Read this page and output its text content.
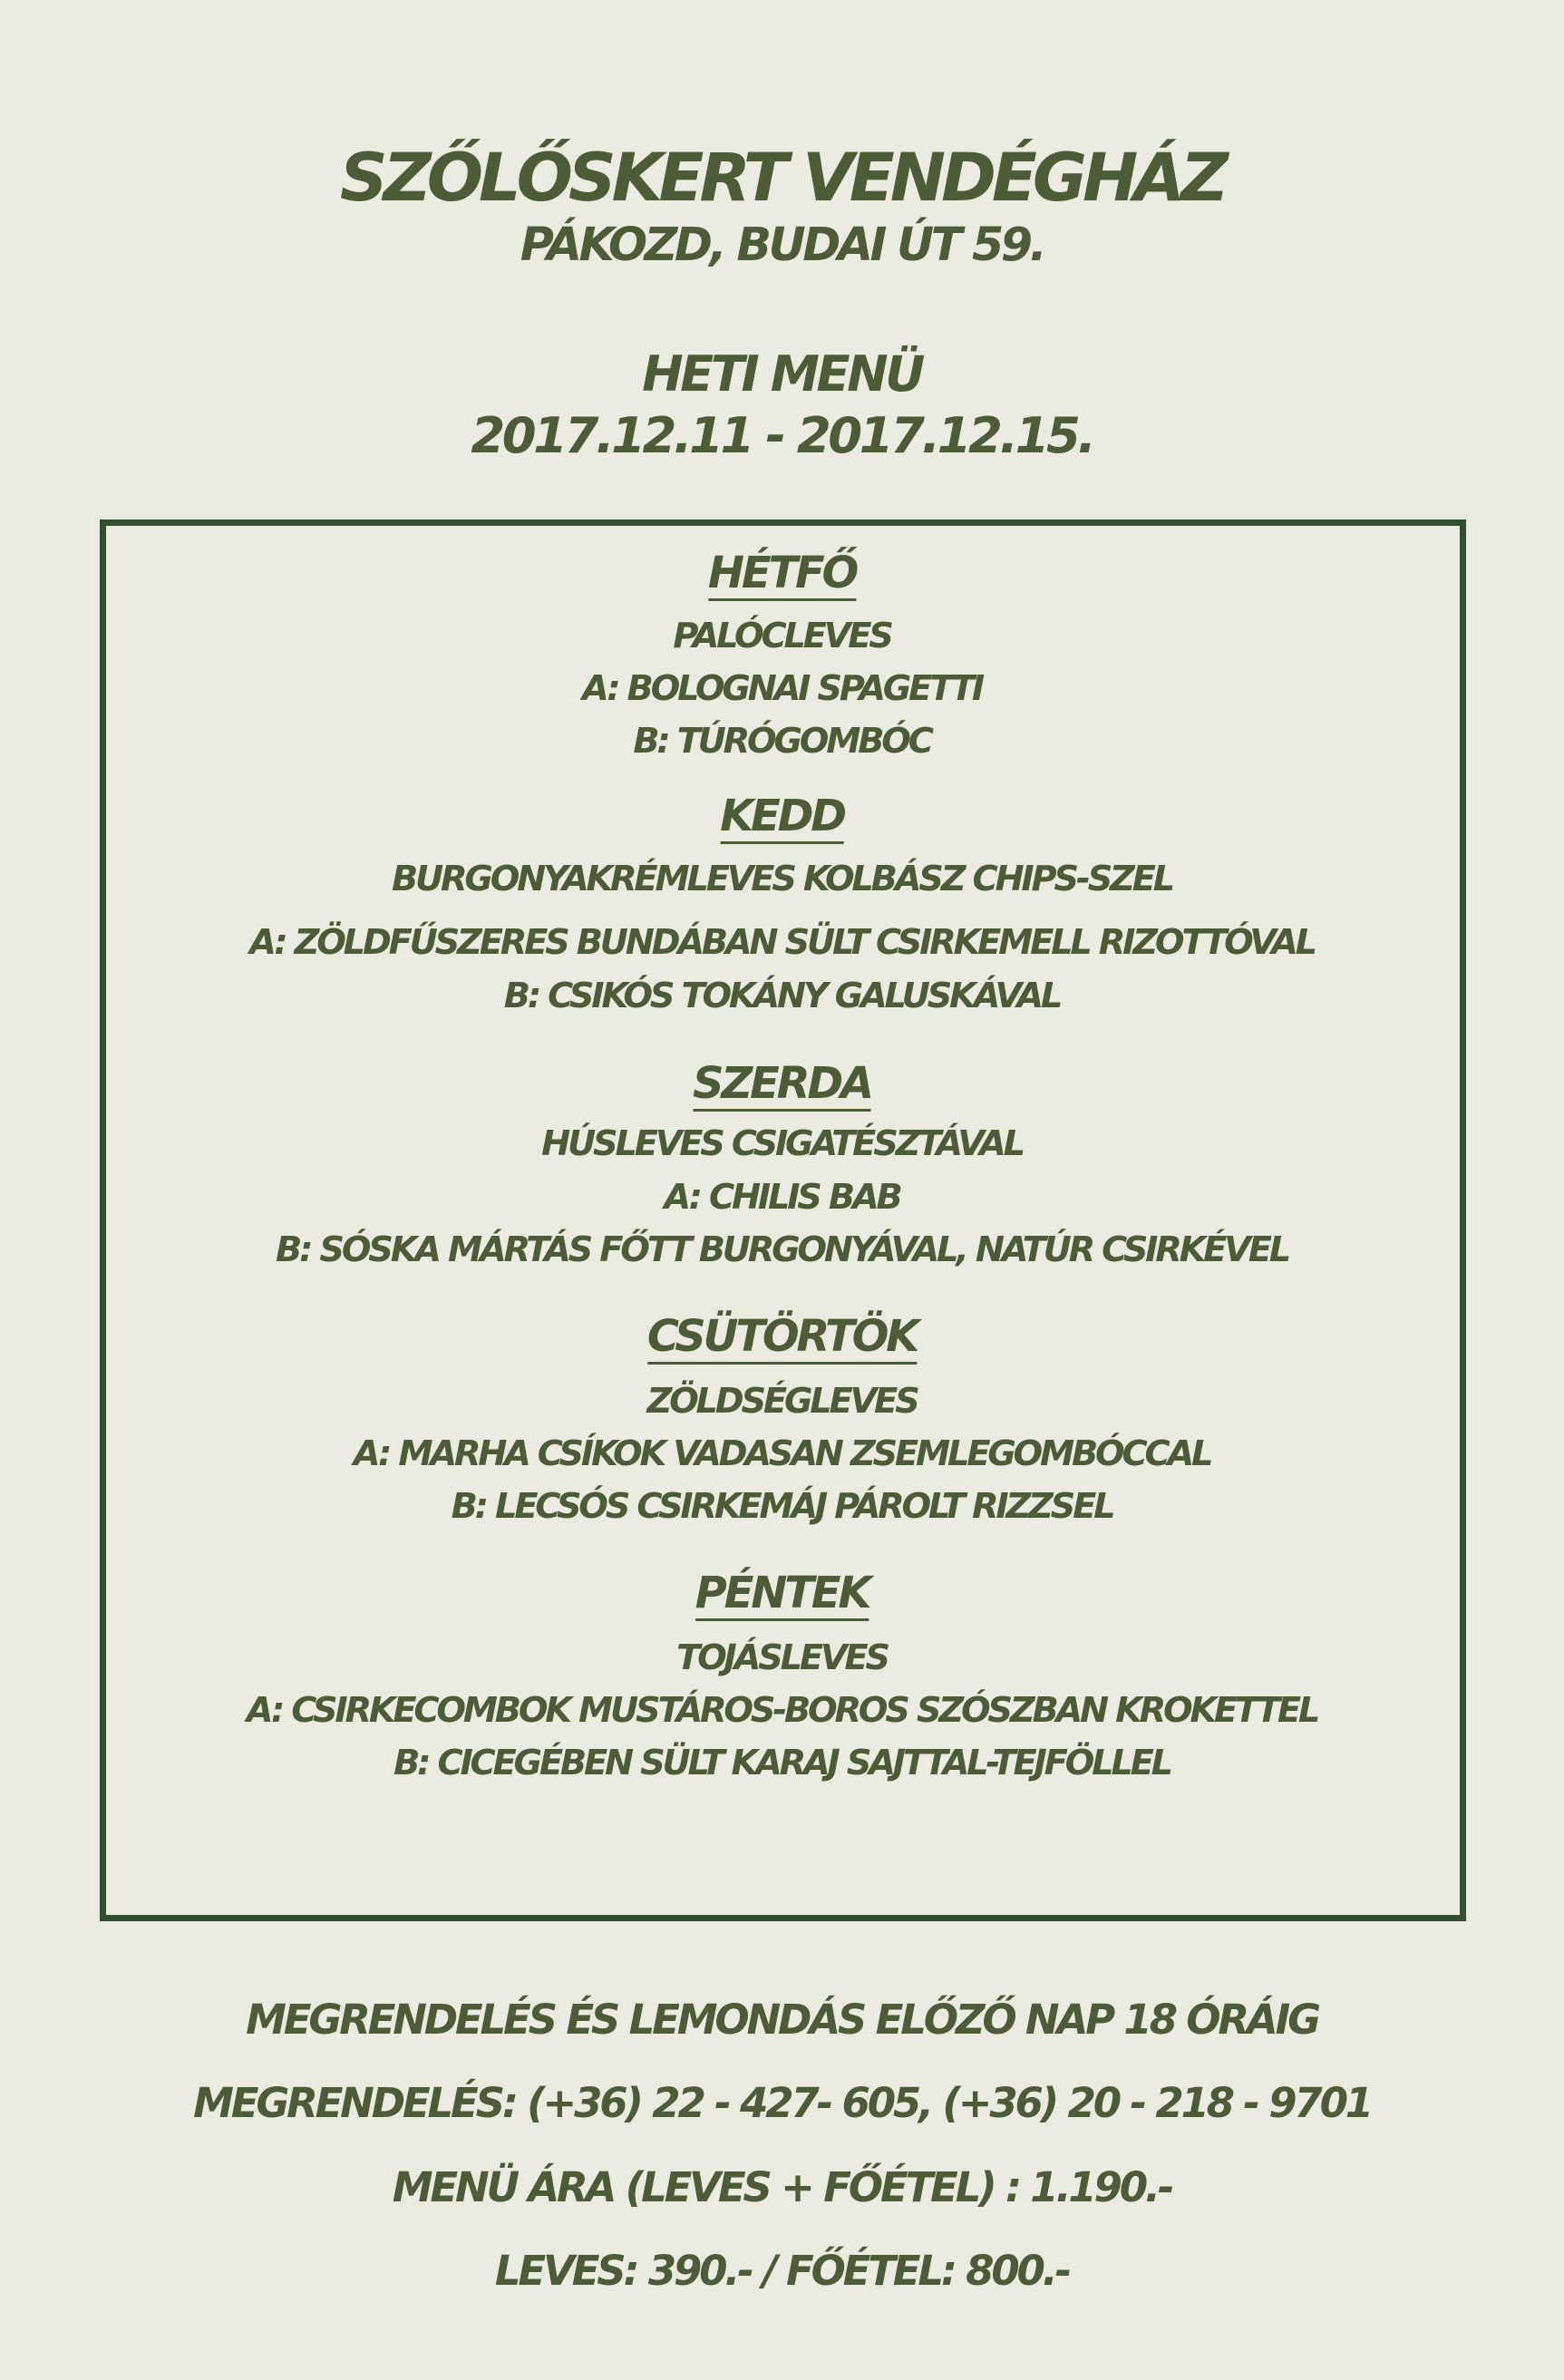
SZŐLŐSKERT VENDÉGHÁZ
PÁKOZD, BUDAI ÚT 59.
HETI MENÜ
2017.12.11 - 2017.12.15.
HÉTFŐ
PALÓCLEVES
A: BOLOGNAI SPAGETTI
B: TÚRÓGOMBÓC
KEDD
BURGONYAKRÉMLEVES KOLBÁSZ CHIPS-SZEL
A: ZÖLDFŰSZERES BUNDÁBAN SÜLT CSIRKEMELL RIZOTTÓVAL
B: CSIKÓS TOKÁNY GALUSKÁVAL
SZERDA
HÚSLEVES CSIGATÉSZTÁVAL
A: CHILIS BAB
B: SÓSKA MÁRTÁS FŐTT BURGONYÁVAL, NATÚR CSIRKÉVEL
CSÜTÖRTÖK
ZÖLDSÉGLEVES
A: MARHA CSÍKOK VADASAN ZSEMLEGOMBÓCCAL
B: LECSÓS CSIRKEMÁJ PÁROLT RIZZSEL
PÉNTEK
TOJÁSLEVES
A: CSIRKECOMBOK MUSTÁROS-BOROS SZÓSZBAN KROKETTEL
B: CICEGÉBEN SÜLT KARAJ SAJTTAL-TEJFÖLLEL
MEGRENDELÉS ÉS LEMONDÁS ELŐZŐ NAP 18 ÓRÁIG
MEGRENDELÉS: (+36) 22 - 427- 605, (+36) 20 - 218 - 9701
MENÜ ÁRA (LEVES + FŐÉTEL) : 1.190.-
LEVES: 390.- / FŐÉTEL: 800.-
